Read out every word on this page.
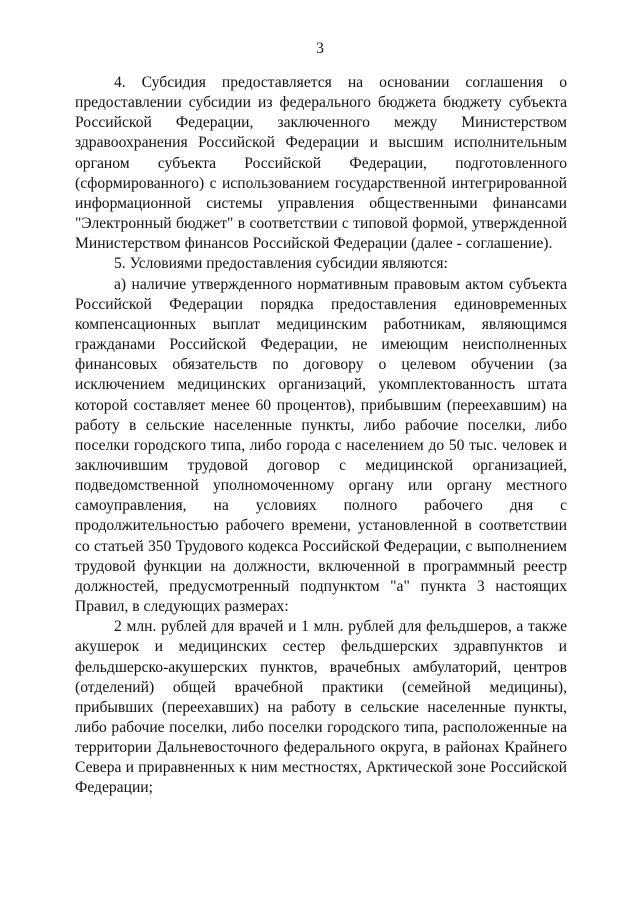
3

4. Субсидия предоставляется на основании соглашения о предоставлении субсидии из федерального бюджета бюджету субъекта Российской Федерации, заключенного между Министерством здравоохранения Российской Федерации и высшим исполнительным органом субъекта Российской Федерации, подготовленного (сформированного) с использованием государственной интегрированной информационной системы управления общественными финансами "Электронный бюджет" в соответствии с типовой формой, утвержденной Министерством финансов Российской Федерации (далее - соглашение).

5. Условиями предоставления субсидии являются:

а) наличие утвержденного нормативным правовым актом субъекта Российской Федерации порядка предоставления единовременных компенсационных выплат медицинским работникам, являющимся гражданами Российской Федерации, не имеющим неисполненных финансовых обязательств по договору о целевом обучении (за исключением медицинских организаций, укомплектованность штата которой составляет менее 60 процентов), прибывшим (переехавшим) на работу в сельские населенные пункты, либо рабочие поселки, либо поселки городского типа, либо города с населением до 50 тыс. человек и заключившим трудовой договор с медицинской организацией, подведомственной уполномоченному органу или органу местного самоуправления, на условиях полного рабочего дня с продолжительностью рабочего времени, установленной в соответствии со статьей 350 Трудового кодекса Российской Федерации, с выполнением трудовой функции на должности, включенной в программный реестр должностей, предусмотренный подпунктом "а" пункта 3 настоящих Правил, в следующих размерах:

2 млн. рублей для врачей и 1 млн. рублей для фельдшеров, а также акушерок и медицинских сестер фельдшерских здравпунктов и фельдшерско-акушерских пунктов, врачебных амбулаторий, центров (отделений) общей врачебной практики (семейной медицины), прибывших (переехавших) на работу в сельские населенные пункты, либо рабочие поселки, либо поселки городского типа, расположенные на территории Дальневосточного федерального округа, в районах Крайнего Севера и приравненных к ним местностях, Арктической зоне Российской Федерации;
